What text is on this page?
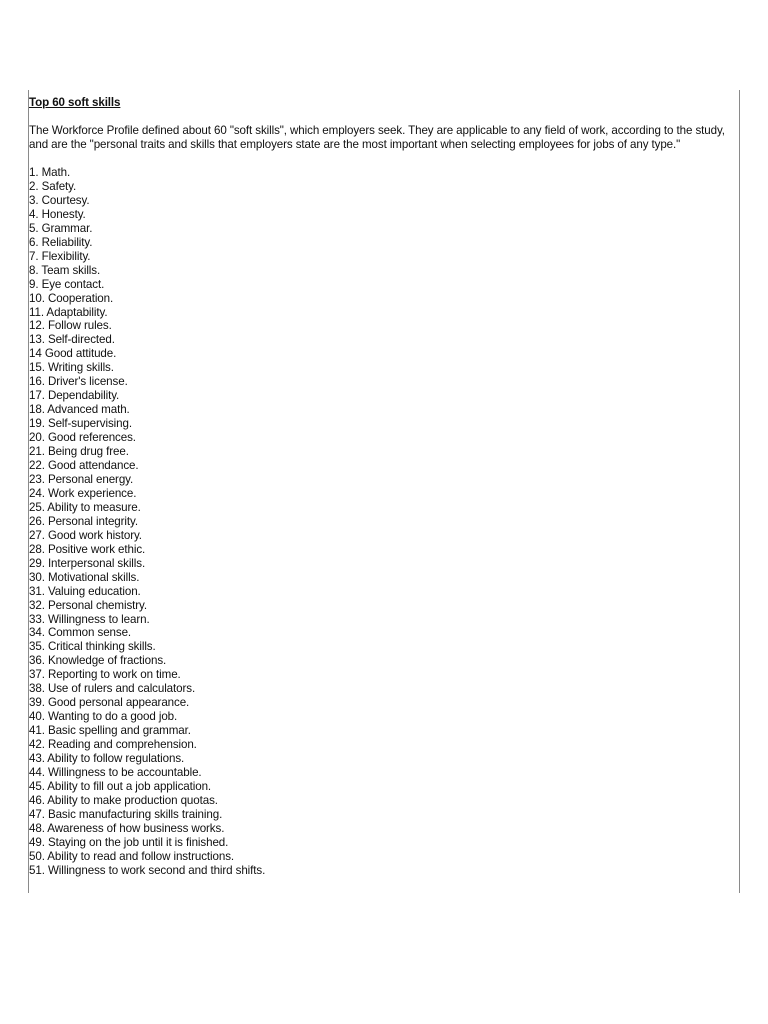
Top 60 soft skills

The Workforce Profile defined about 60 "soft skills", which employers seek. They are applicable to any field of work, according to the study, and are the "personal traits and skills that employers state are the most important when selecting employees for jobs of any type."

1. Math.
2. Safety.
3. Courtesy.
4. Honesty.
5. Grammar.
6. Reliability.
7. Flexibility.
8. Team skills.
9. Eye contact.
10. Cooperation.
11. Adaptability.
12. Follow rules.
13. Self-directed.
14 Good attitude.
15. Writing skills.
16. Driver's license.
17. Dependability.
18. Advanced math.
19. Self-supervising.
20. Good references.
21. Being drug free.
22. Good attendance.
23. Personal energy.
24. Work experience.
25. Ability to measure.
26. Personal integrity.
27. Good work history.
28. Positive work ethic.
29. Interpersonal skills.
30. Motivational skills.
31. Valuing education.
32. Personal chemistry.
33. Willingness to learn.
34. Common sense.
35. Critical thinking skills.
36. Knowledge of fractions.
37. Reporting to work on time.
38. Use of rulers and calculators.
39. Good personal appearance.
40. Wanting to do a good job.
41. Basic spelling and grammar.
42. Reading and comprehension.
43. Ability to follow regulations.
44. Willingness to be accountable.
45. Ability to fill out a job application.
46. Ability to make production quotas.
47. Basic manufacturing skills training.
48. Awareness of how business works.
49. Staying on the job until it is finished.
50. Ability to read and follow instructions.
51. Willingness to work second and third shifts.
